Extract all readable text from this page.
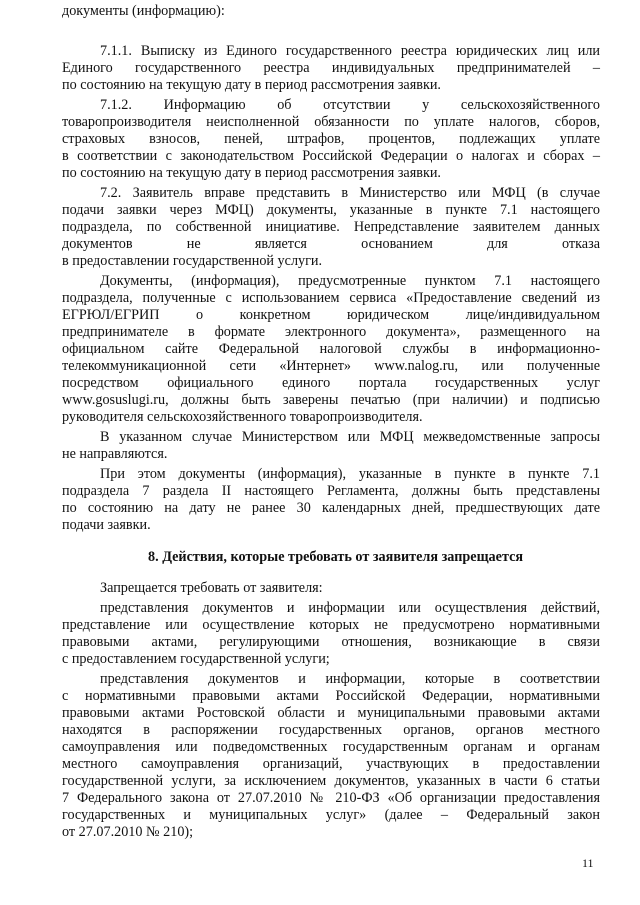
документы (информацию):
7.1.1. Выписку из Единого государственного реестра юридических лиц или
Единого государственного реестра индивидуальных предпринимателей –
по состоянию на текущую дату в период рассмотрения заявки.
7.1.2. Информацию об отсутствии у сельскохозяйственного
товаропроизводителя неисполненной обязанности по уплате налогов, сборов,
страховых взносов, пеней, штрафов, процентов, подлежащих уплате
в соответствии с законодательством Российской Федерации о налогах и сборах –
по состоянию на текущую дату в период рассмотрения заявки.
7.2. Заявитель вправе представить в Министерство или МФЦ (в случае
подачи заявки через МФЦ) документы, указанные в пункте 7.1 настоящего
подраздела, по собственной инициативе. Непредставление заявителем данных
документов не является основанием для отказа
в предоставлении государственной услуги.
Документы, (информация), предусмотренные пунктом 7.1 настоящего
подраздела, полученные с использованием сервиса «Предоставление сведений из
ЕГРЮЛ/ЕГРИП о конкретном юридическом лице/индивидуальном
предпринимателе в формате электронного документа», размещенного на
официальном сайте Федеральной налоговой службы в информационно-
телекоммуникационной сети «Интернет» www.nalog.ru, или полученные
посредством официального единого портала государственных услуг
www.gosuslugi.ru, должны быть заверены печатью (при наличии) и подписью
руководителя сельскохозяйственного товаропроизводителя.
В указанном случае Министерством или МФЦ межведомственные запросы
не направляются.
При этом документы (информация), указанные в пункте в пункте 7.1
подраздела 7 раздела II настоящего Регламента, должны быть представлены
по состоянию на дату не ранее 30 календарных дней, предшествующих дате
подачи заявки.
8. Действия, которые требовать от заявителя запрещается
Запрещается требовать от заявителя:
представления документов и информации или осуществления действий,
представление или осуществление которых не предусмотрено нормативными
правовыми актами, регулирующими отношения, возникающие в связи
с предоставлением государственной услуги;
представления документов и информации, которые в соответствии
с нормативными правовыми актами Российской Федерации, нормативными
правовыми актами Ростовской области и муниципальными правовыми актами
находятся в распоряжении государственных органов, органов местного
самоуправления или подведомственных государственным органам и органам
местного самоуправления организаций, участвующих в предоставлении
государственной услуги, за исключением документов, указанных в части 6 статьи
7 Федерального закона от 27.07.2010 № 210-ФЗ «Об организации предоставления
государственных и муниципальных услуг» (далее – Федеральный закон
от 27.07.2010 № 210);
11
